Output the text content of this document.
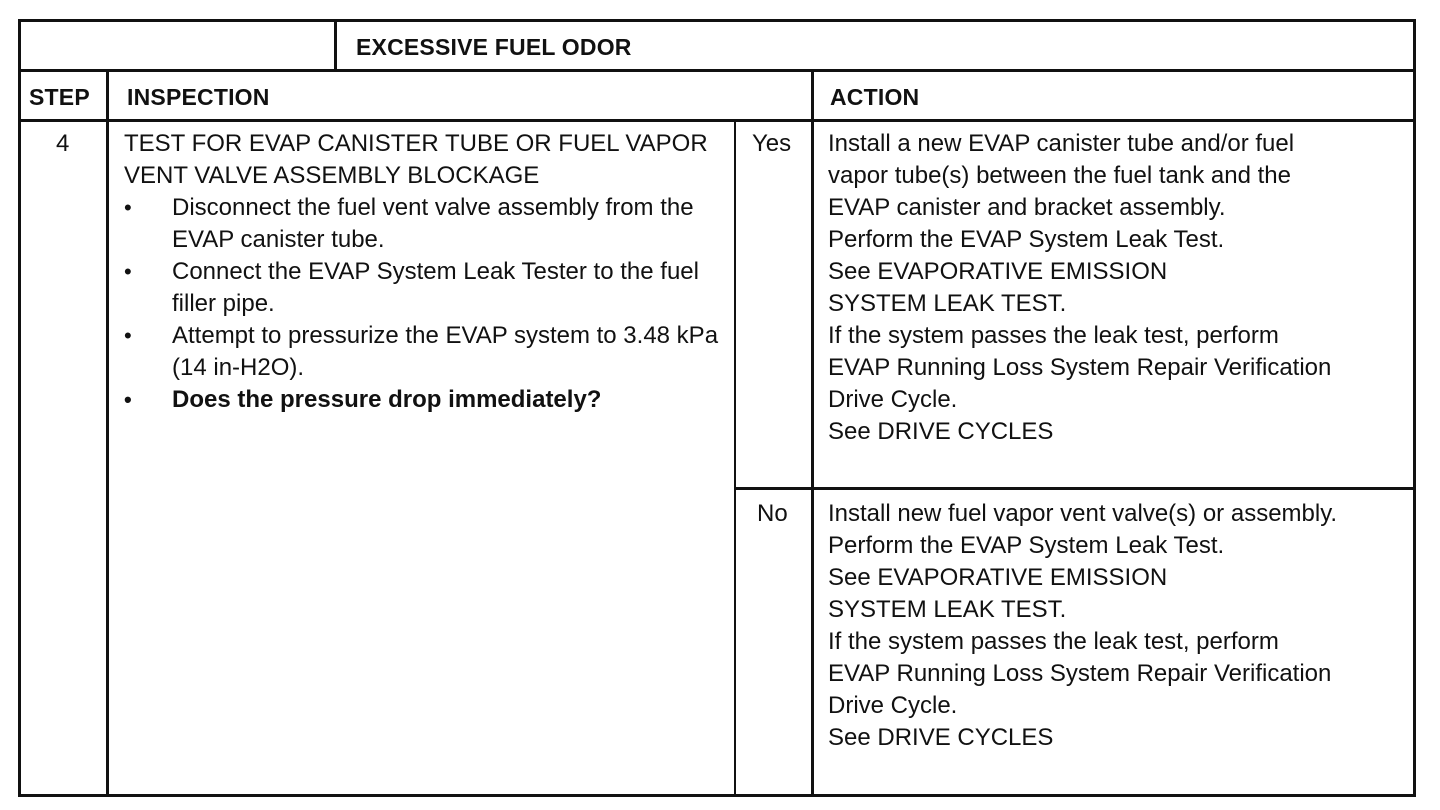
EXCESSIVE FUEL ODOR
STEP INSPECTION	ACTION
4 TEST FOR EVAP CANISTER TUBE OR FUEL VAPOR VENT VALVE ASSEMBLY BLOCKAGE
• Disconnect the fuel vent valve assembly from the EVAP canister tube.
• Connect the EVAP System Leak Tester to the fuel filler pipe.
• Attempt to pressurize the EVAP system to 3.48 kPa (14 in-H2O).
• Does the pressure drop immediately?
Yes
No
Install a new EVAP canister tube and/or fuel
vapor tube(s) between the fuel tank and the
EVAP canister and bracket assembly.
Perform the EVAP System Leak Test.
See EVAPORATIVE EMISSION
SYSTEM LEAK TEST.
If the system passes the leak test, perform
EVAP Running Loss System Repair Verification
Drive Cycle.
See DRIVE CYCLES
Install new fuel vapor vent valve(s) or assembly.
Perform the EVAP System Leak Test.
See EVAPORATIVE EMISSION
SYSTEM LEAK TEST.
If the system passes the leak test, perform
EVAP Running Loss System Repair Verification
Drive Cycle.
See DRIVE CYCLES
